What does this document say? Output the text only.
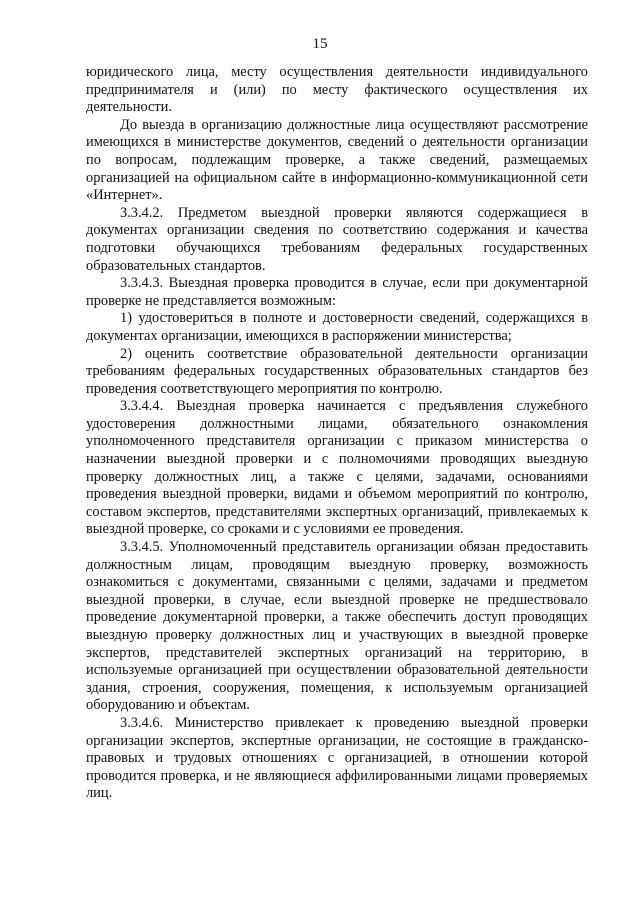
15

юридического лица, месту осуществления деятельности индивидуального предпринимателя и (или) по месту фактического осуществления их деятельности.

До выезда в организацию должностные лица осуществляют рассмотрение имеющихся в министерстве документов, сведений о деятельности организации по вопросам, подлежащим проверке, а также сведений, размещаемых организацией на официальном сайте в информационно-коммуникационной сети «Интернет».

3.3.4.2. Предметом выездной проверки являются содержащиеся в документах организации сведения по соответствию содержания и качества подготовки обучающихся требованиям федеральных государственных образовательных стандартов.

3.3.4.3. Выездная проверка проводится в случае, если при документарной проверке не представляется возможным:

1) удостовериться в полноте и достоверности сведений, содержащихся в документах организации, имеющихся в распоряжении министерства;

2) оценить соответствие образовательной деятельности организации требованиям федеральных государственных образовательных стандартов без проведения соответствующего мероприятия по контролю.

3.3.4.4. Выездная проверка начинается с предъявления служебного удостоверения должностными лицами, обязательного ознакомления уполномоченного представителя организации с приказом министерства о назначении выездной проверки и с полномочиями проводящих выездную проверку должностных лиц, а также с целями, задачами, основаниями проведения выездной проверки, видами и объемом мероприятий по контролю, составом экспертов, представителями экспертных организаций, привлекаемых к выездной проверке, со сроками и с условиями ее проведения.

3.3.4.5. Уполномоченный представитель организации обязан предоставить должностным лицам, проводящим выездную проверку, возможность ознакомиться с документами, связанными с целями, задачами и предметом выездной проверки, в случае, если выездной проверке не предшествовало проведение документарной проверки, а также обеспечить доступ проводящих выездную проверку должностных лиц и участвующих в выездной проверке экспертов, представителей экспертных организаций на территорию, в используемые организацией при осуществлении образовательной деятельности здания, строения, сооружения, помещения, к используемым организацией оборудованию и объектам.

3.3.4.6. Министерство привлекает к проведению выездной проверки организации экспертов, экспертные организации, не состоящие в гражданско-правовых и трудовых отношениях с организацией, в отношении которой проводится проверка, и не являющиеся аффилированными лицами проверяемых лиц.
